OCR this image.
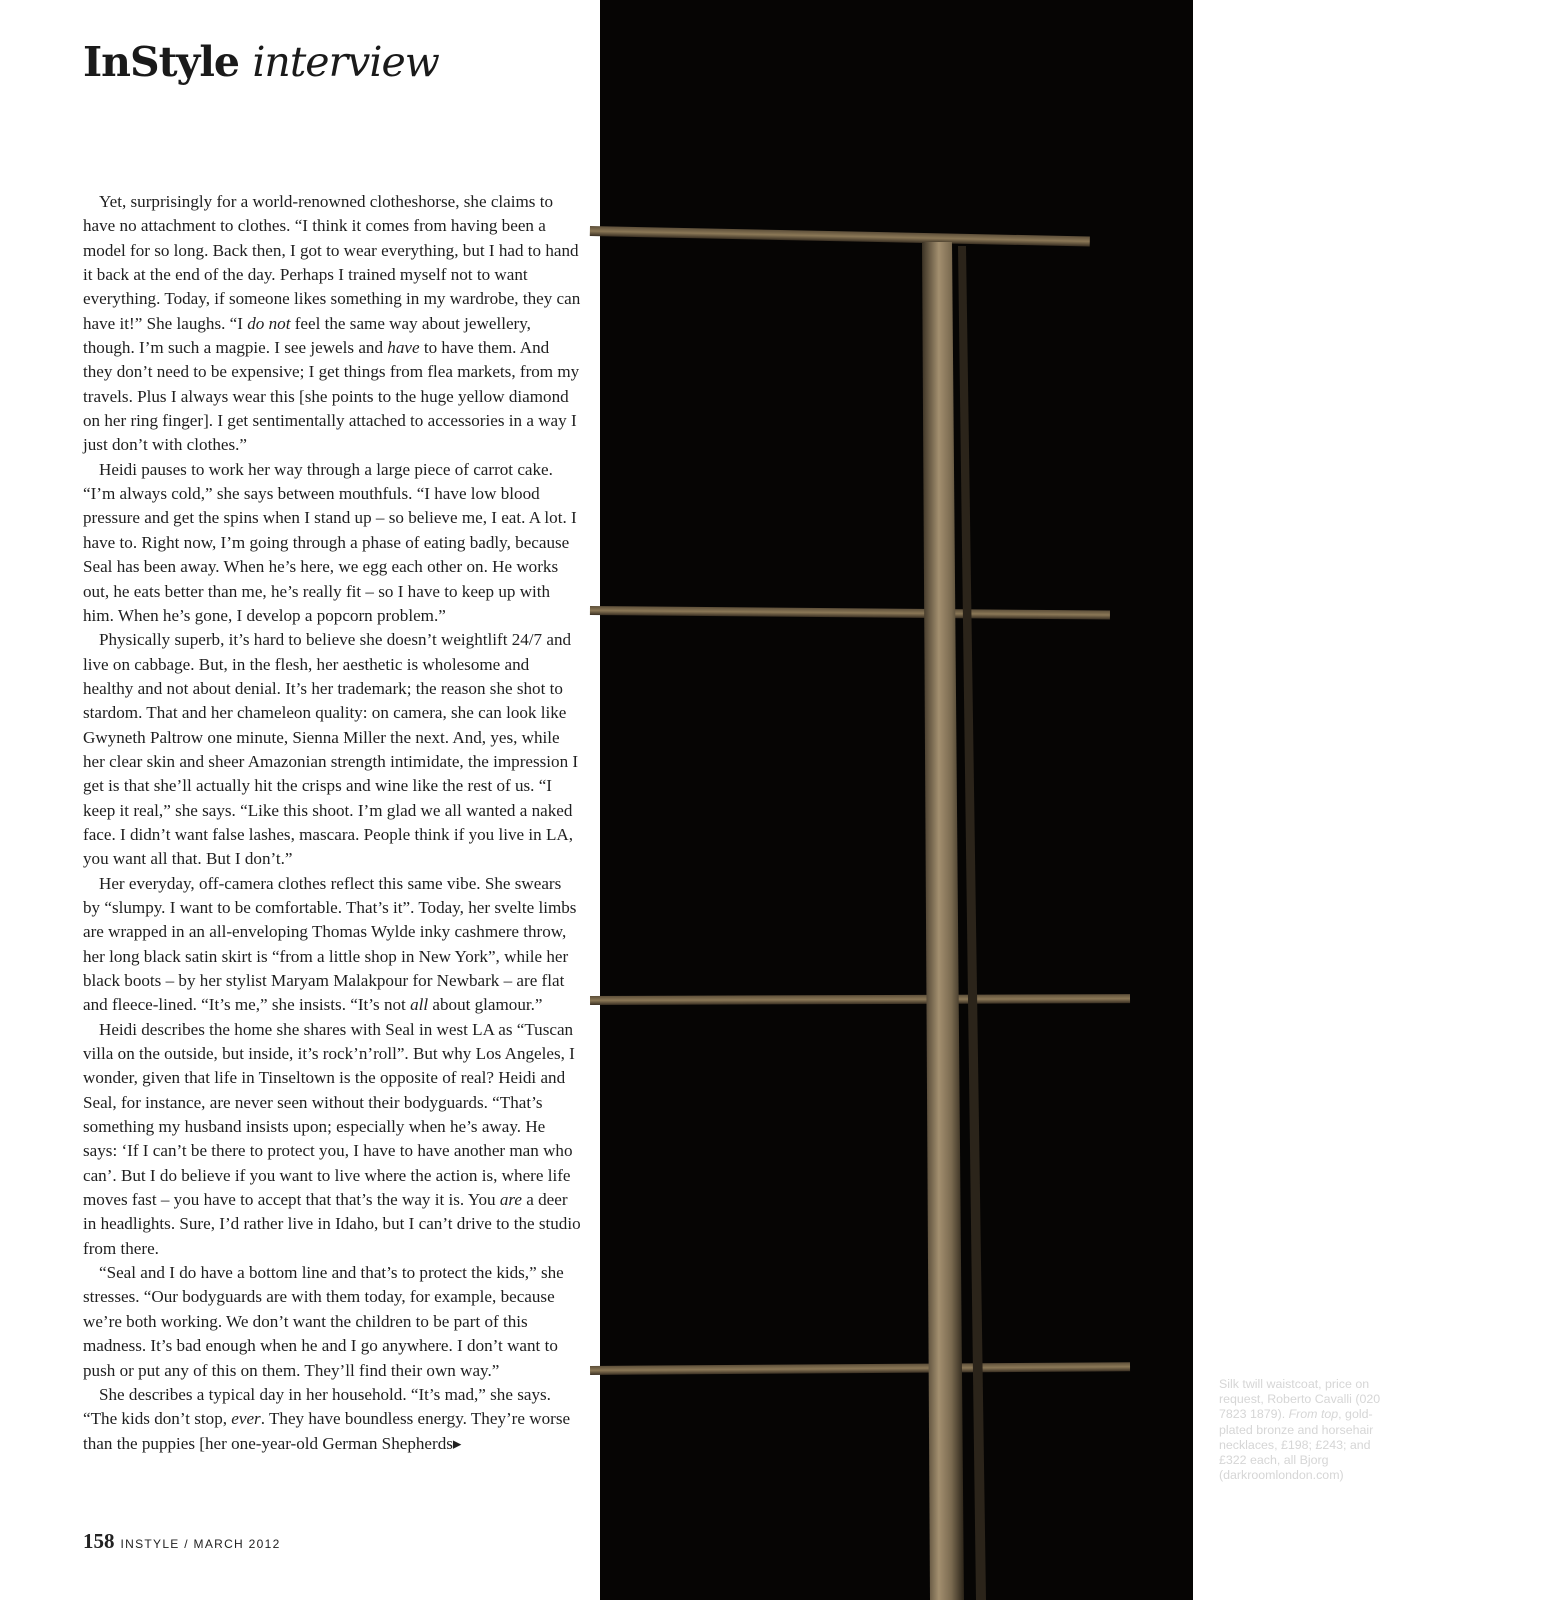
InStyle interview

Yet, surprisingly for a world-renowned clotheshorse, she claims to have no attachment to clothes. “I think it comes from having been a model for so long. Back then, I got to wear everything, but I had to hand it back at the end of the day. Perhaps I trained myself not to want everything. Today, if someone likes something in my wardrobe, they can have it!” She laughs. “I do not feel the same way about jewellery, though. I’m such a magpie. I see jewels and have to have them. And they don’t need to be expensive; I get things from flea markets, from my travels. Plus I always wear this [she points to the huge yellow diamond on her ring finger]. I get sentimentally attached to accessories in a way I just don’t with clothes.”

Heidi pauses to work her way through a large piece of carrot cake. “I’m always cold,” she says between mouthfuls. “I have low blood pressure and get the spins when I stand up – so believe me, I eat. A lot. I have to. Right now, I’m going through a phase of eating badly, because Seal has been away. When he’s here, we egg each other on. He works out, he eats better than me, he’s really fit – so I have to keep up with him. When he’s gone, I develop a popcorn problem.”

Physically superb, it’s hard to believe she doesn’t weightlift 24/7 and live on cabbage. But, in the flesh, her aesthetic is wholesome and healthy and not about denial. It’s her trademark; the reason she shot to stardom. That and her chameleon quality: on camera, she can look like Gwyneth Paltrow one minute, Sienna Miller the next. And, yes, while her clear skin and sheer Amazonian strength intimidate, the impression I get is that she’ll actually hit the crisps and wine like the rest of us. “I keep it real,” she says. “Like this shoot. I’m glad we all wanted a naked face. I didn’t want false lashes, mascara. People think if you live in LA, you want all that. But I don’t.”

Her everyday, off-camera clothes reflect this same vibe. She swears by “slumpy. I want to be comfortable. That’s it”. Today, her svelte limbs are wrapped in an all-enveloping Thomas Wylde inky cashmere throw, her long black satin skirt is “from a little shop in New York”, while her black boots – by her stylist Maryam Malakpour for Newbark – are flat and fleece-lined. “It’s me,” she insists. “It’s not all about glamour.”

Heidi describes the home she shares with Seal in west LA as “Tuscan villa on the outside, but inside, it’s rock’n’roll”. But why Los Angeles, I wonder, given that life in Tinseltown is the opposite of real? Heidi and Seal, for instance, are never seen without their bodyguards. “That’s something my husband insists upon; especially when he’s away. He says: ‘If I can’t be there to protect you, I have to have another man who can’. But I do believe if you want to live where the action is, where life moves fast – you have to accept that that’s the way it is. You are a deer in headlights. Sure, I’d rather live in Idaho, but I can’t drive to the studio from there.

“Seal and I do have a bottom line and that’s to protect the kids,” she stresses. “Our bodyguards are with them today, for example, because we’re both working. We don’t want the children to be part of this madness. It’s bad enough when he and I go anywhere. I don’t want to push or put any of this on them. They’ll find their own way.”

She describes a typical day in her household. “It’s mad,” she says. “The kids don’t stop, ever. They have boundless energy. They’re worse than the puppies [her one-year-old German Shepherds▸

158 INSTYLE / MARCH 2012

“Seal works out and he eats better than me. When he’s gone, I develop a popcorn problem”

Silk twill waistcoat, price on request, Roberto Cavalli (020 7823 1879). From top, gold-plated bronze and horsehair necklaces, £198; £243; and £322 each, all Bjorg (darkroomlondon.com)
